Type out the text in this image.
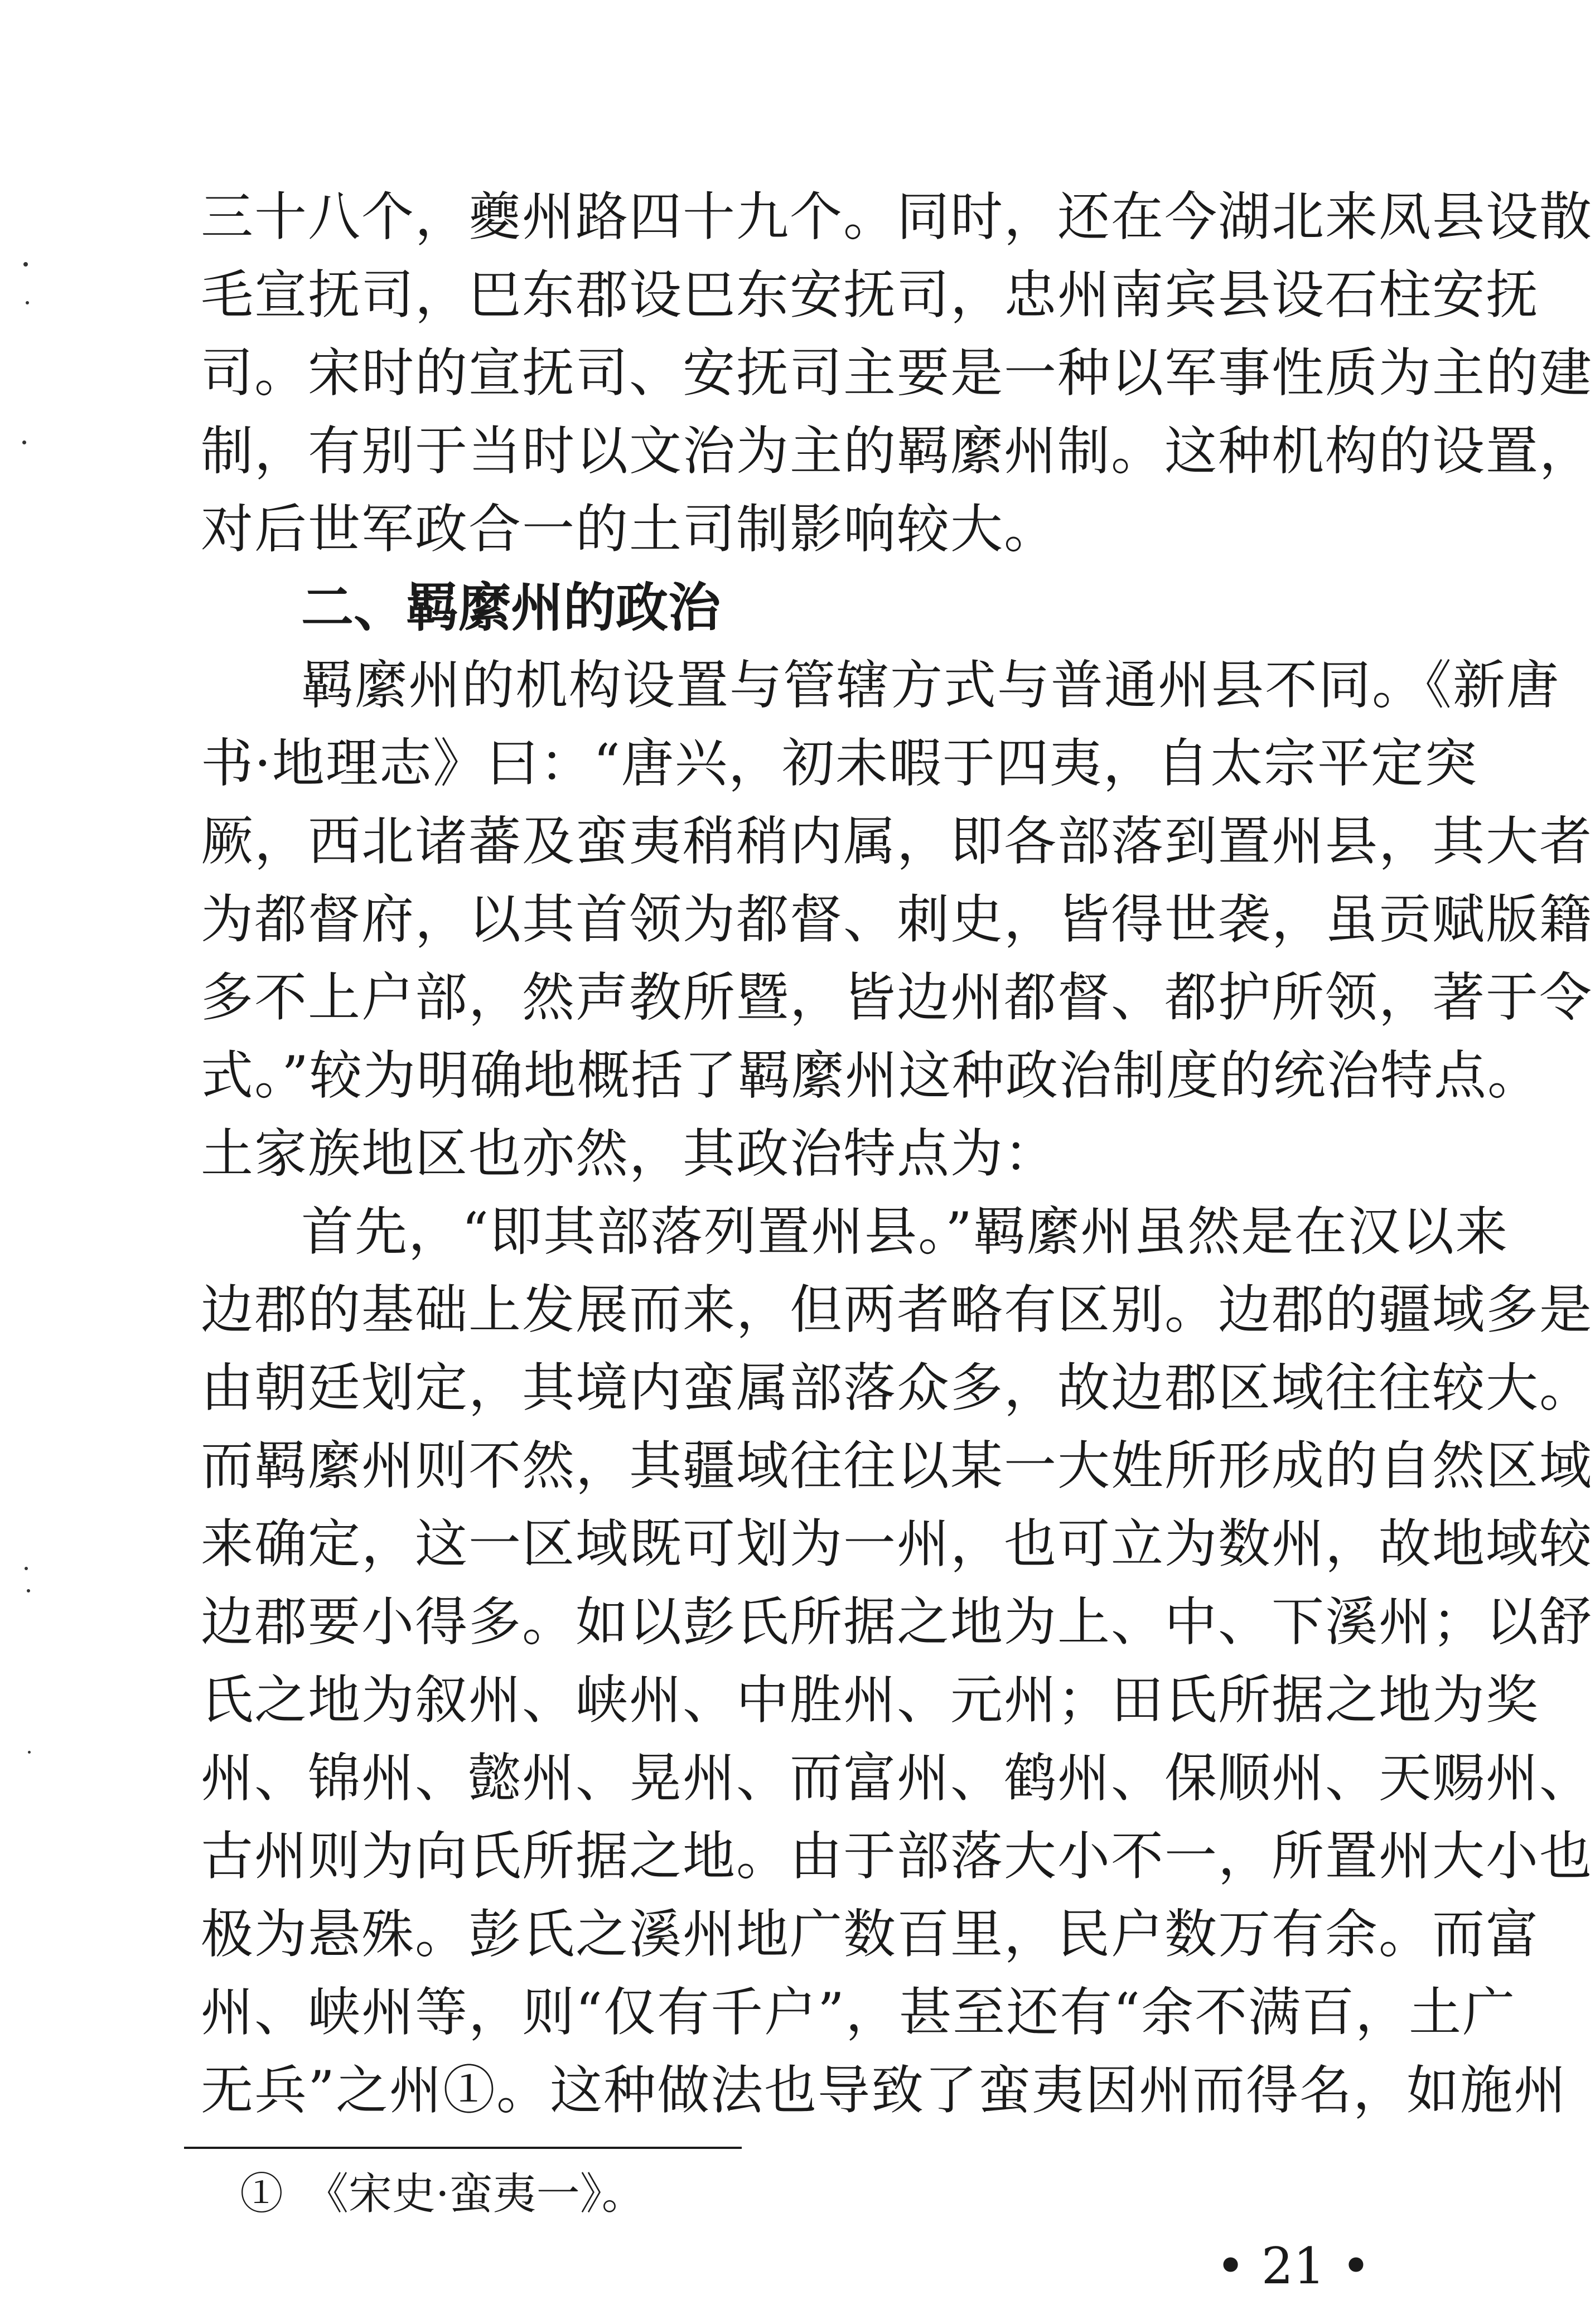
三十八个，夔州路四十九个。同时，还在今湖北来凤县设散
毛宣抚司，巴东郡设巴东安抚司，忠州南宾县设石柱安抚
司。宋时的宣抚司、安抚司主要是一种以军事性质为主的建
制，有别于当时以文治为主的羁縻州制。这种机构的设置，
对后世军政合一的土司制影响较大。
二、羁縻州的政治
羁縻州的机构设置与管辖方式与普通州县不同。《新唐
书·地理志》曰：“唐兴，初未暇于四夷，自太宗平定突
厥，西北诸蕃及蛮夷稍稍内属，即各部落到置州县，其大者
为都督府，以其首领为都督、刺史，皆得世袭，虽贡赋版籍
多不上户部，然声教所暨，皆边州都督、都护所领，著于令
式。”较为明确地概括了羁縻州这种政治制度的统治特点。
土家族地区也亦然，其政治特点为：
首先，“即其部落列置州县。”羁縻州虽然是在汉以来
边郡的基础上发展而来，但两者略有区别。边郡的疆域多是
由朝廷划定，其境内蛮属部落众多，故边郡区域往往较大。
而羁縻州则不然，其疆域往往以某一大姓所形成的自然区域
来确定，这一区域既可划为一州，也可立为数州，故地域较
边郡要小得多。如以彭氏所据之地为上、中、下溪州；以舒
氏之地为叙州、峡州、中胜州、元州；田氏所据之地为奖
州、锦州、懿州、晃州、而富州、鹤州、保顺州、天赐州、
古州则为向氏所据之地。由于部落大小不一，所置州大小也
极为悬殊。彭氏之溪州地广数百里，民户数万有余。而富
①　《宋史·蛮夷一》。
• 21 •
州、峡州等，则“仅有千户”，甚至还有“余不满百，土广
无兵”之州①。这种做法也导致了蛮夷因州而得名，如施州
